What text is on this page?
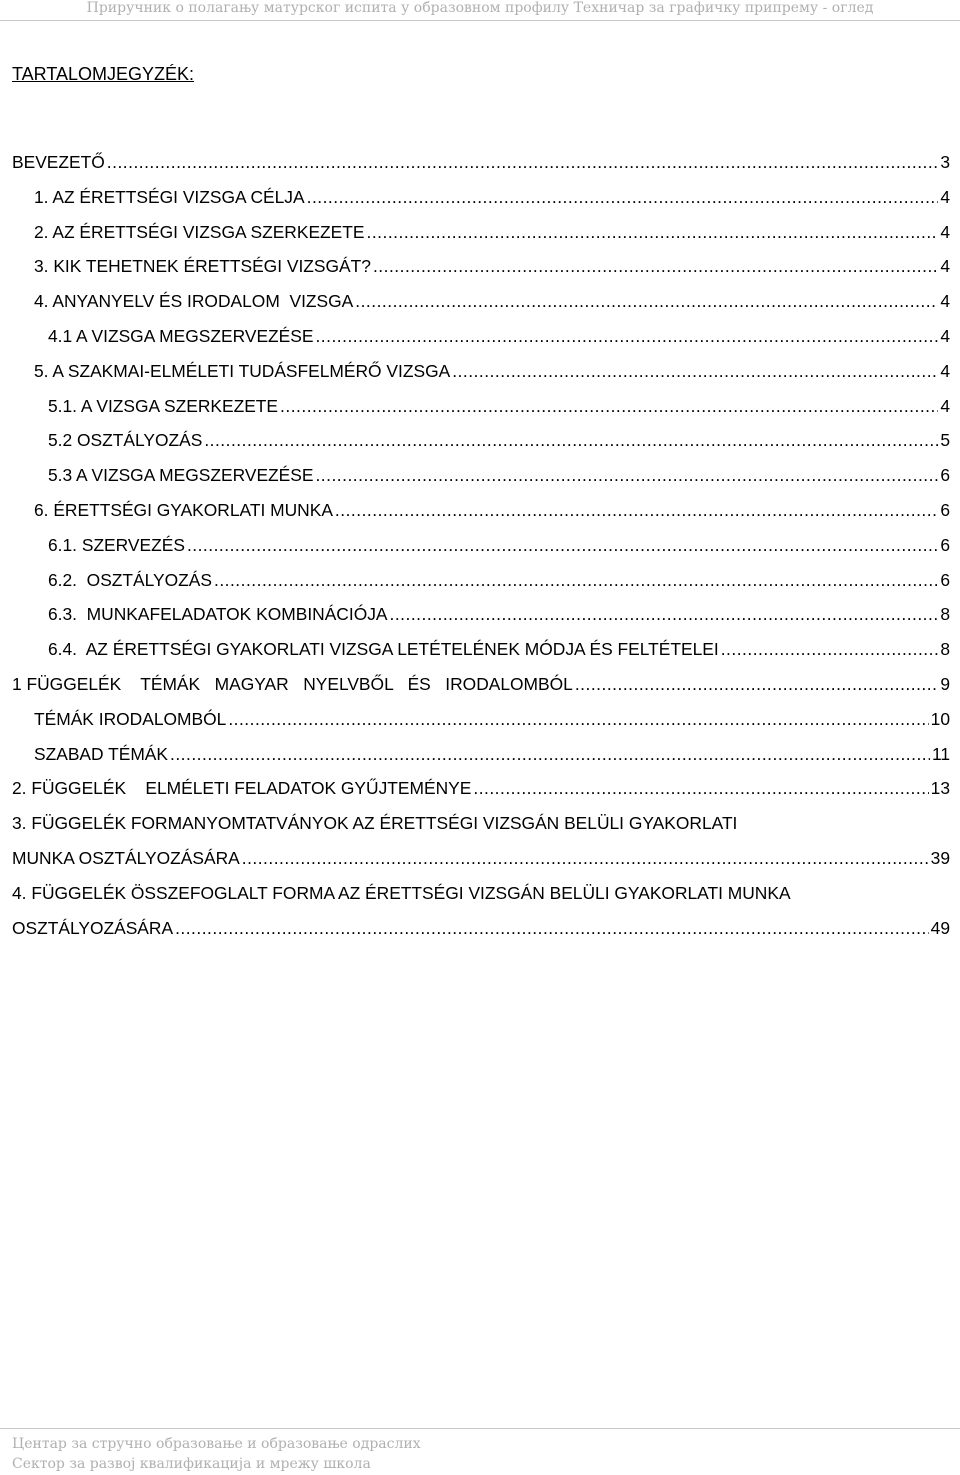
Приручник о полагању матурског испита у образовном профилу Техничар за графичку припрему - оглед
TARTALOMJEGYZÉK:
BEVEZETŐ .....	3
1. AZ ÉRETTSÉGI VIZSGA CÉLJA .....	4
2. AZ ÉRETTSÉGI VIZSGA SZERKEZETE .....	4
3. KIK TEHETNEK ÉRETTSÉGI VIZSGÁT? .....	4
4. ANYANYELV ÉS IRODALOM  VIZSGA .....	4
4.1 A VIZSGA MEGSZERVEZÉSE .....	4
5. A SZAKMAI-ELMÉLETI TUDÁSFELMÉRŐ VIZSGA .....	4
5.1. A VIZSGA SZERKEZETE .....	4
5.2 OSZTÁLYOZÁS .....	5
5.3 A VIZSGA MEGSZERVEZÉSE .....	6
6. ÉRETTSÉGI GYAKORLATI MUNKA .....	6
6.1. SZERVEZÉS .....	6
6.2.  OSZTÁLYOZÁS .....	6
6.3.  MUNKAFELADATOK KOMBINÁCIÓJA .....	8
6.4.  AZ ÉRETTSÉGI GYAKORLATI VIZSGA LETÉTELÉNEK MÓDJA ÉS FELTÉTELEI .....	8
1 FÜGGELÉK    TÉMÁK   MAGYAR   NYELVBŐL   ÉS   IRODALOMBÓL .....	9
TÉMÁK IRODALOMBÓL .....	10
SZABAD TÉMÁK .....	11
2. FÜGGELÉK    ELMÉLETI FELADATOK GYŰJTEMÉNYE .....	13
3. FÜGGELÉK FORMANYOMTATVÁNYOK AZ ÉRETTSÉGI VIZSGÁN BELÜLI GYAKORLATI
MUNKA OSZTÁLYOZÁSÁRA .....	39
4. FÜGGELÉK ÖSSZEFOGLALT FORMA AZ ÉRETTSÉGI VIZSGÁN BELÜLI GYAKORLATI MUNKA
OSZTÁLYOZÁSÁRA .....	49
Центар за стручно образовање и образовање одраслих
Сектор за развој квалификација и мрежу школа
